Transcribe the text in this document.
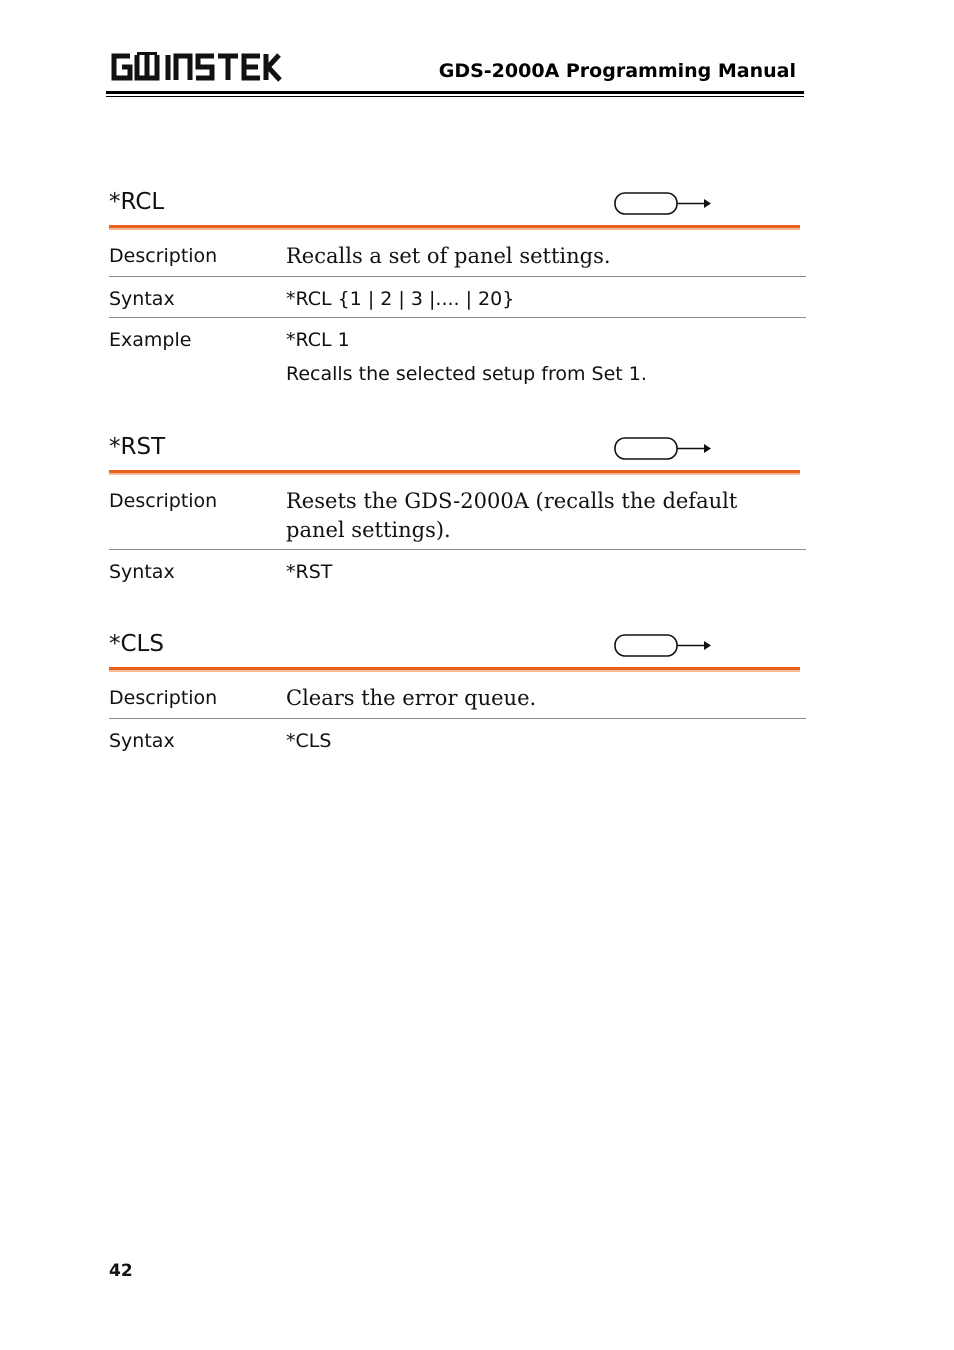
GDS-2000A Programming Manual
*RCL
Description	Recalls a set of panel settings.
Syntax	*RCL {1 | 2 | 3 |.... | 20}
Example	*RCL 1
Recalls the selected setup from Set 1.
*RST
Description	Resets the GDS-2000A (recalls the default panel settings).
Syntax	*RST
*CLS
Description	Clears the error queue.
Syntax	*CLS
42
